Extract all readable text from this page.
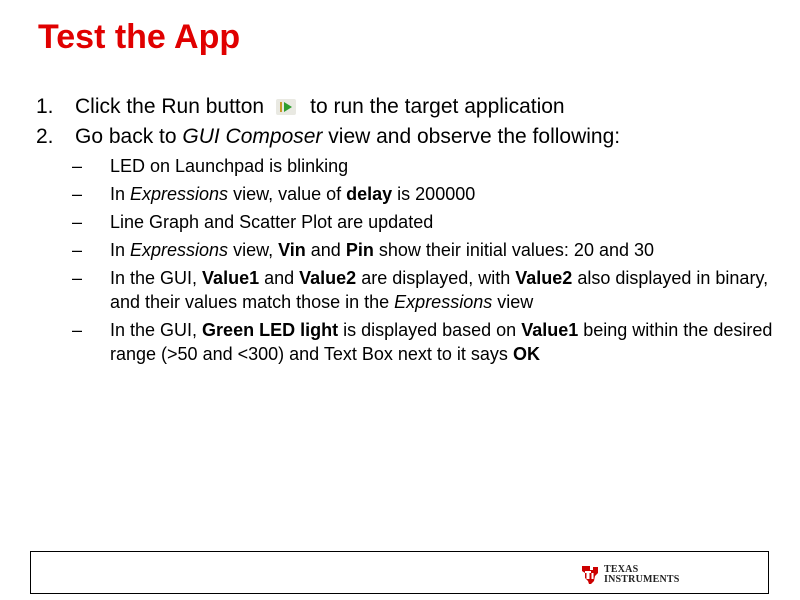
Test the App
1. Click the Run button to run the target application
2. Go back to GUI Composer view and observe the following:
– LED on Launchpad is blinking
– In Expressions view, value of delay is 200000
– Line Graph and Scatter Plot are updated
– In Expressions view, Vin and Pin show their initial values: 20 and 30
– In the GUI, Value1 and Value2 are displayed, with Value2 also displayed in binary, and their values match those in the Expressions view
– In the GUI, Green LED light is displayed based on Value1 being within the desired range (>50 and <300) and Text Box next to it says OK
TEXAS
INSTRUMENTS
